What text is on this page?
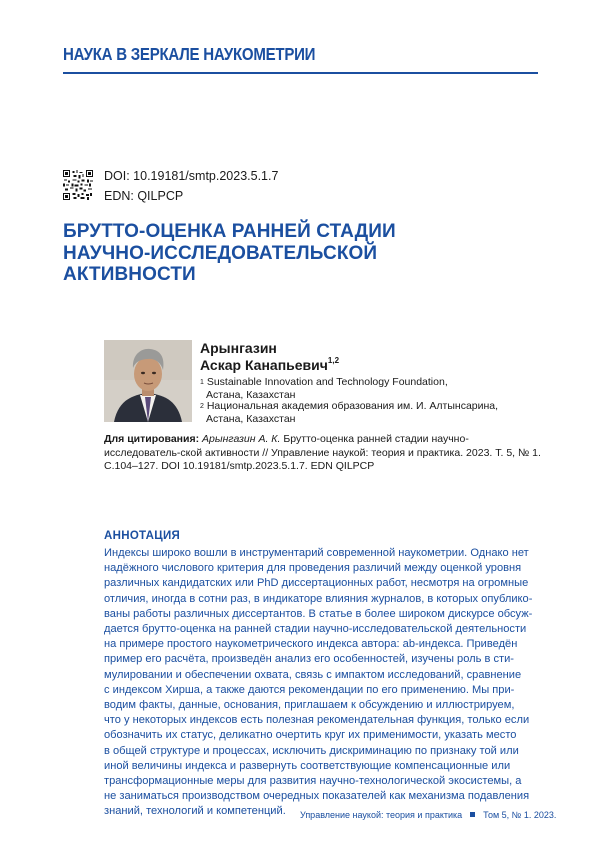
НАУКА В ЗЕРКАЛЕ НАУКОМЕТРИИ
DOI: 10.19181/smtp.2023.5.1.7
EDN: QILPCP
БРУТТО-ОЦЕНКА РАННЕЙ СТАДИИ
НАУЧНО-ИССЛЕДОВАТЕЛЬСКОЙ
АКТИВНОСТИ
Арынгазин
Аскар Канапьевич$^{1,2}$
$^1$ Sustainable Innovation and Technology Foundation,
Астана, Казахстан
$^2$ Национальная академия образования им. И. Алтынсарина,
Астана, Казахстан
Для цитирования: Арынгазин А. К. Брутто-оценка ранней стадии научно-исследователь-ской активности // Управление наукой: теория и практика. 2023. Т. 5, № 1. С.104–127. DOI 10.19181/smtp.2023.5.1.7. EDN QILPCP
АННОТАЦИЯ
Индексы широко вошли в инструментарий современной наукометрии. Однако нет
надёжного числового критерия для проведения различий между оценкой уровня
различных кандидатских или PhD диссертационных работ, несмотря на огромные
отличия, иногда в сотни раз, в индикаторе влияния журналов, в которых опублико-
ваны работы различных диссертантов. В статье в более широком дискурсе обсуж-
дается брутто-оценка на ранней стадии научно-исследовательской деятельности
на примере простого наукометрического индекса автора: ab-индекса. Приведён
пример его расчёта, произведён анализ его особенностей, изучены роль в сти-
мулировании и обеспечении охвата, связь с импактом исследований, сравнение
с индексом Хирша, а также даются рекомендации по его применению. Мы при-
водим факты, данные, основания, приглашаем к обсуждению и иллюстрируем,
что у некоторых индексов есть полезная рекомендательная функция, только если
обозначить их статус, деликатно очертить круг их применимости, указать место
в общей структуре и процессах, исключить дискриминацию по признаку той или
иной величины индекса и развернуть соответствующие компенсационные или
трансформационные меры для развития научно-технологической экосистемы, а
не заниматься производством очередных показателей как механизма подавления
знаний, технологий и компетенций.	Управление наукой: теория и практика Том 5, № 1. 2023.
